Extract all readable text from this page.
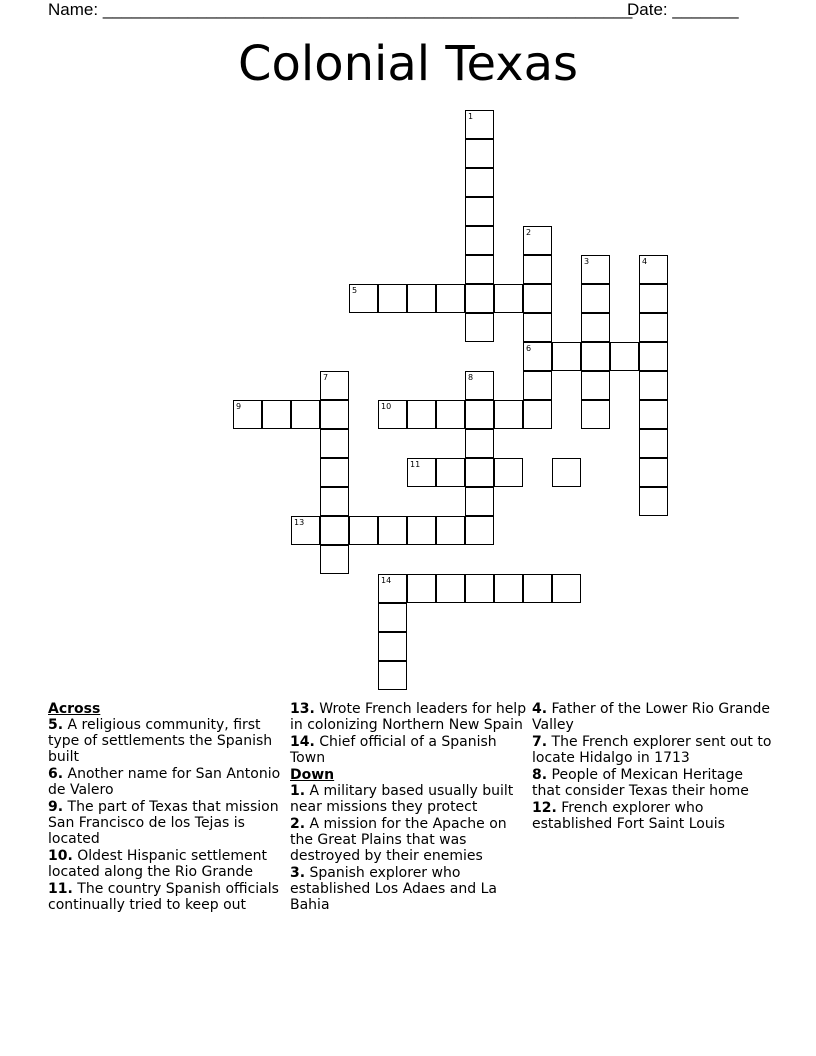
Name: ________________________________________________________
Date: _______
Colonial Texas
1
2
6
3	4
5
9
7	8
10
11
13
14

Across

5. A religious community, first type of settlements the Spanish built

6. Another name for San Antonio de Valero

9. The part of Texas that mission San Francisco de los Tejas is located

10. Oldest Hispanic settlement located along the Rio Grande

11. The country Spanish officials continually tried to keep out

13. Wrote French leaders for help in colonizing Northern New Spain

14. Chief official of a Spanish Town

Down

1. A military based usually built near missions they protect

2. A mission for the Apache on the Great Plains that was destroyed by their enemies

3. Spanish explorer who established Los Adaes and La Bahia

4. Father of the Lower Rio Grande Valley

7. The French explorer sent out to locate Hidalgo in 1713

8. People of Mexican Heritage that consider Texas their home

12. French explorer who established Fort Saint Louis
